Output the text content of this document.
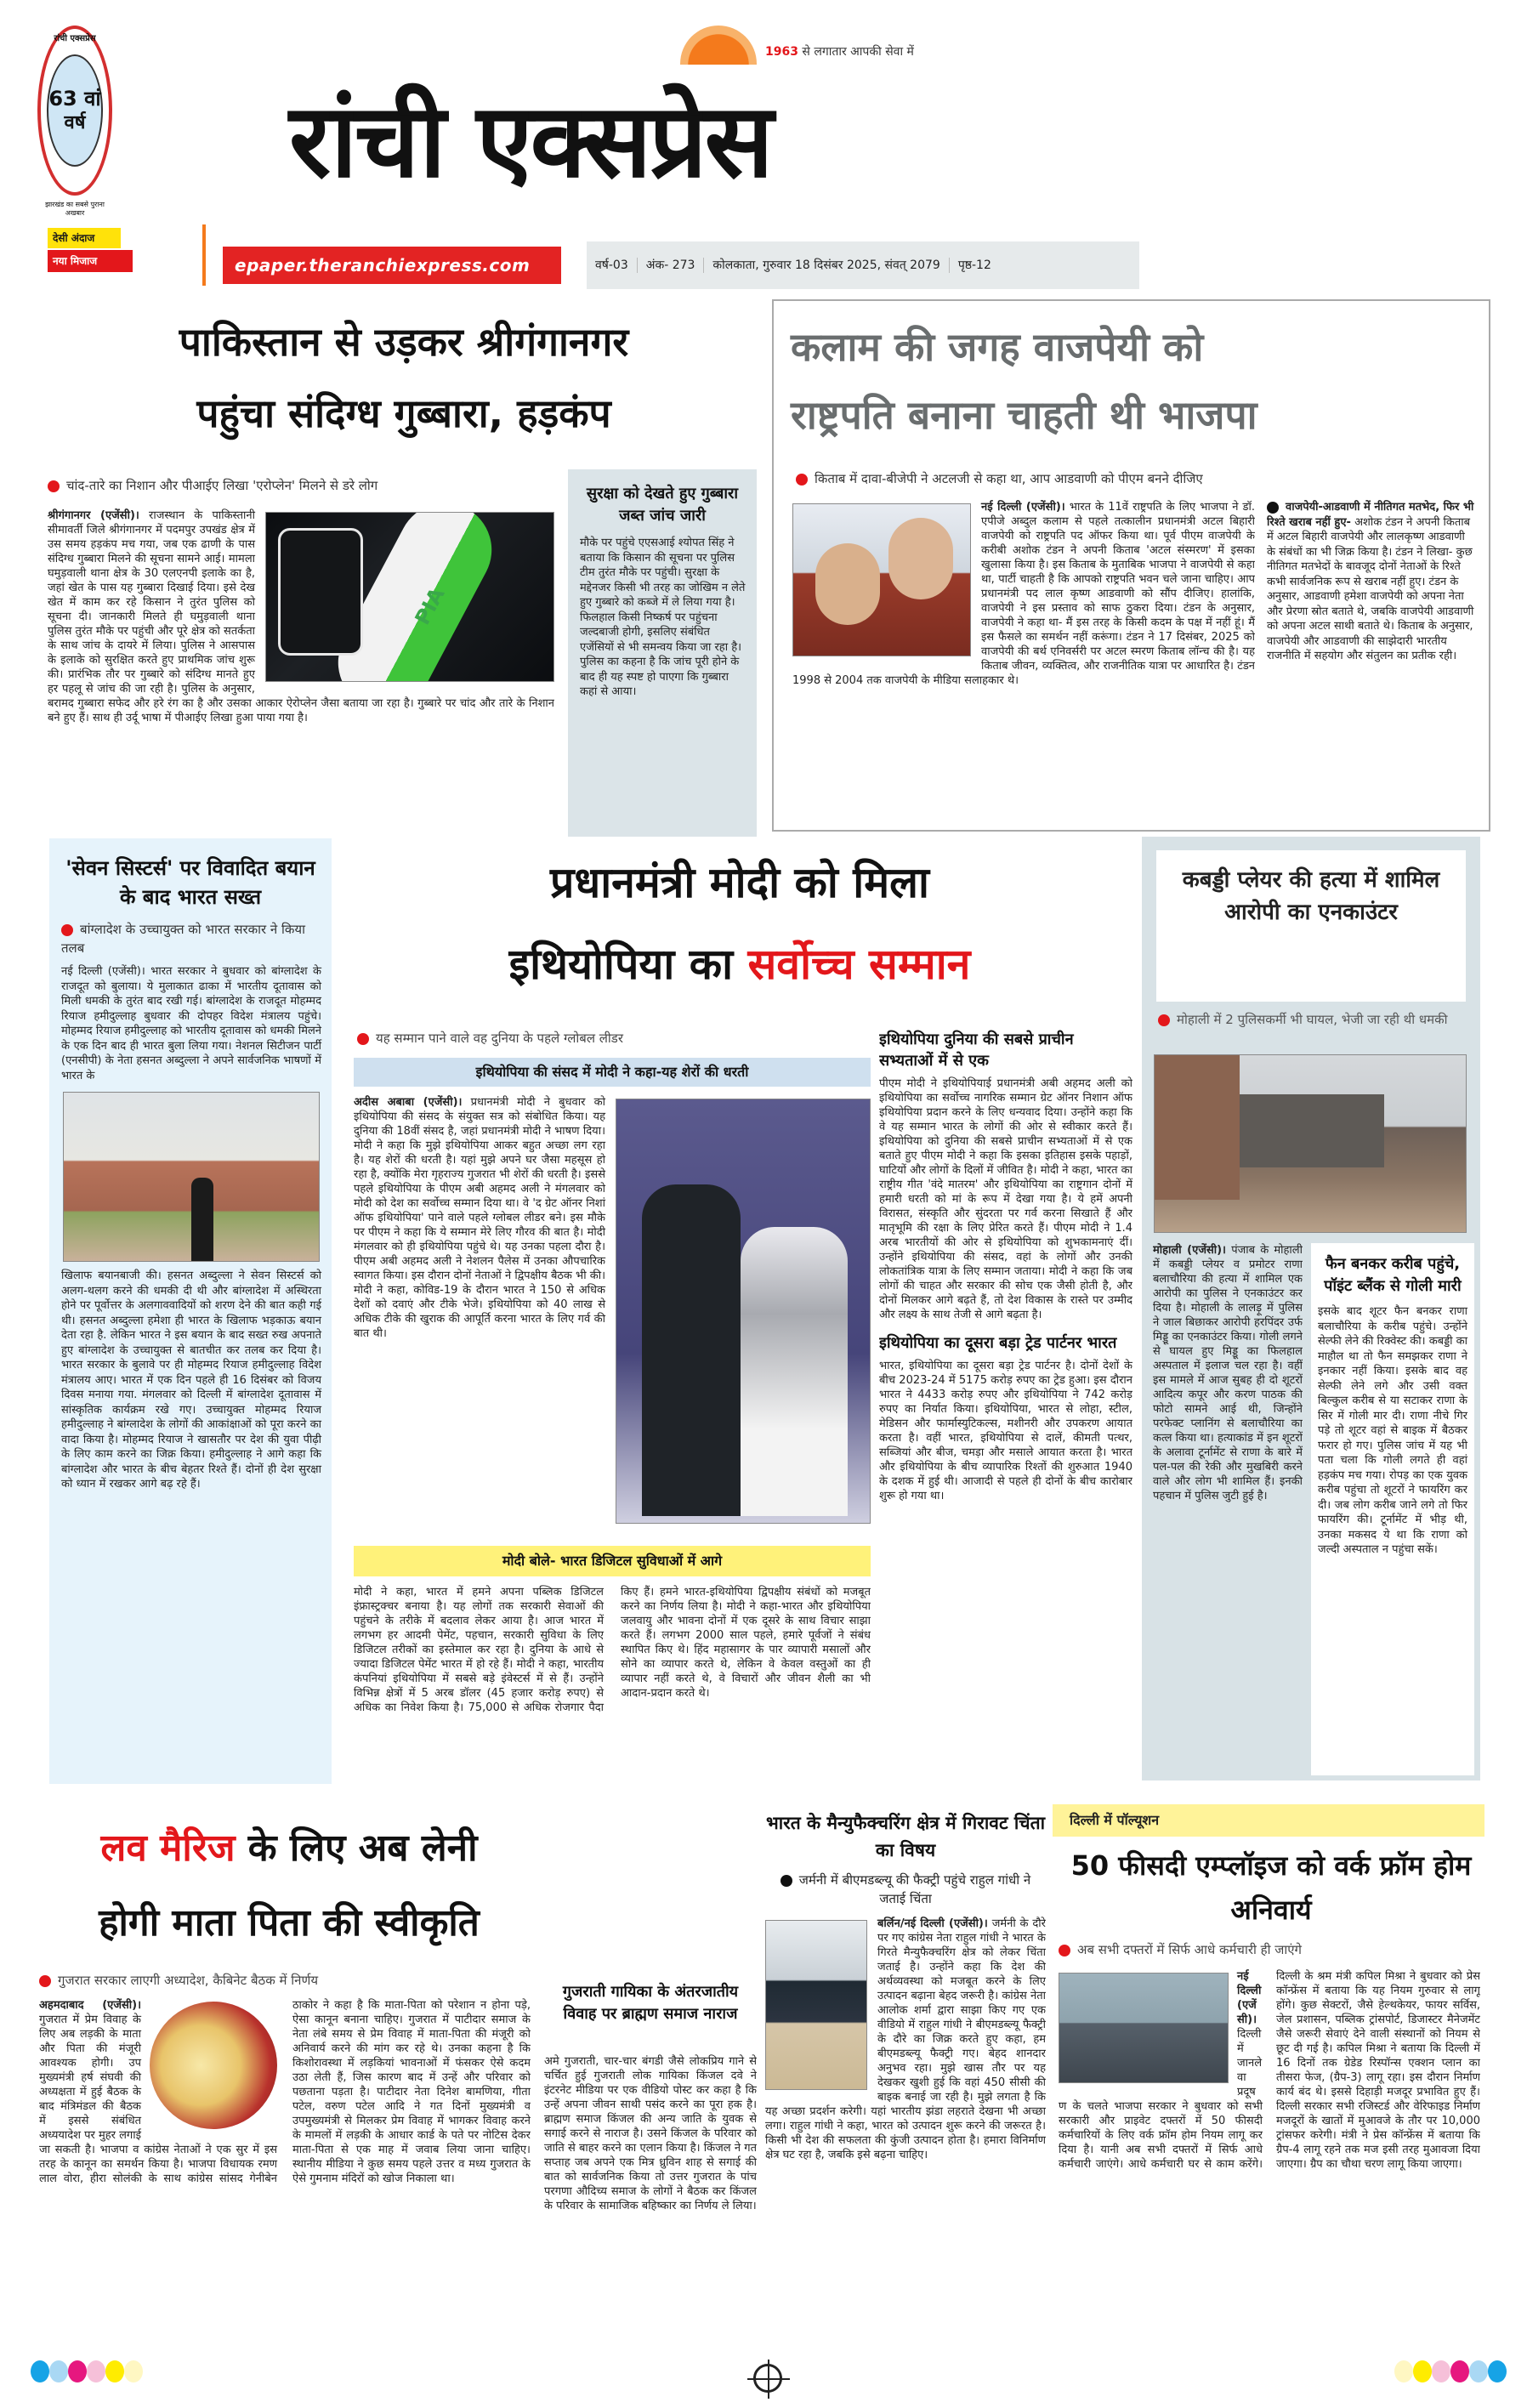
रांची एक्सप्रेस
63 वां
वर्ष
झारखंड का सबसे पुराना अखबार
1963 से लगातार आपकी सेवा में
रांची एक्सप्रेस
देसी अंदाज
नया मिजाज	epaper.theranchiexpress.com	वर्ष-03	अंक- 273	कोलकाता, गुरुवार 18 दिसंबर 2025, संवत् 2079	पृष्ठ-12
पाकिस्तान से उड़कर श्रीगंगानगर
पहुंचा संदिग्ध गुब्बारा, हड़कंप
चांद-तारे का निशान और पीआईए लिखा 'एरोप्लेन' मिलने से डरे लोग
PIA
श्रीगंगानगर (एजेंसी)। राजस्थान के पाकिस्तानी सीमावर्ती जिले श्रीगंगानगर में पदमपुर उपखंड क्षेत्र में उस समय हड़कंप मच गया, जब एक ढाणी के पास संदिग्ध गुब्बारा मिलने की सूचना सामने आई। मामला घमुड़वाली थाना क्षेत्र के 30 एलएनपी इलाके का है, जहां खेत के पास यह गुब्बारा दिखाई दिया। इसे देख खेत में काम कर रहे किसान ने तुरंत पुलिस को सूचना दी। जानकारी मिलते ही घमुड़वाली थाना पुलिस तुरंत मौके पर पहुंची और पूरे क्षेत्र को सतर्कता के साथ जांच के दायरे में लिया। पुलिस ने आसपास के इलाके को सुरक्षित करते हुए प्राथमिक जांच शुरू की। प्रारंभिक तौर पर गुब्बारे को संदिग्ध मानते हुए हर पहलू से जांच की जा रही है। पुलिस के अनुसार, बरामद गुब्बारा सफेद और हरे रंग का है और उसका आकार ऐरोप्लेन जैसा बताया जा रहा है। गुब्बारे पर चांद और तारे के निशान बने हुए हैं। साथ ही उर्दू भाषा में पीआईए लिखा हुआ पाया गया है।
सुरक्षा को देखते हुए गुब्बारा जब्त जांच जारी
मौके पर पहुंचे एएसआई श्योपत सिंह ने बताया कि किसान की सूचना पर पुलिस टीम तुरंत मौके पर पहुंची। सुरक्षा के मद्देनजर किसी भी तरह का जोखिम न लेते हुए गुब्बारे को कब्जे में ले लिया गया है। फिलहाल किसी निष्कर्ष पर पहुंचना जल्दबाजी होगी, इसलिए संबंधित एजेंसियों से भी समन्वय किया जा रहा है। पुलिस का कहना है कि जांच पूरी होने के बाद ही यह स्पष्ट हो पाएगा कि गुब्बारा कहां से आया।
कलाम की जगह वाजपेयी को
राष्ट्रपति बनाना चाहती थी भाजपा
किताब में दावा-बीजेपी ने अटलजी से कहा था, आप आडवाणी को पीएम बनने दीजिए
नई दिल्ली (एजेंसी)। भारत के 11वें राष्ट्रपति के लिए भाजपा ने डॉ. एपीजे अब्दुल कलाम से पहले तत्कालीन प्रधानमंत्री अटल बिहारी वाजपेयी को राष्ट्रपति पद ऑफर किया था। पूर्व पीएम वाजपेयी के करीबी अशोक टंडन ने अपनी किताब 'अटल संस्मरण' में इसका खुलासा किया है। इस किताब के मुताबिक भाजपा ने वाजपेयी से कहा था, पार्टी चाहती है कि आपको राष्ट्रपति भवन चले जाना चाहिए। आप प्रधानमंत्री पद लाल कृष्ण आडवाणी को सौंप दीजिए। हालांकि, वाजपेयी ने इस प्रस्ताव को साफ ठुकरा दिया। टंडन के अनुसार, वाजपेयी ने कहा था- मैं इस तरह के किसी कदम के पक्ष में नहीं हूं। मैं इस फैसले का समर्थन नहीं करूंगा। टंडन ने 17 दिसंबर, 2025 को वाजपेयी की बर्थ एनिवर्सरी पर अटल स्मरण किताब लॉन्च की है। यह किताब जीवन, व्यक्तित्व, और राजनीतिक यात्रा पर आधारित है। टंडन 1998 से 2004 तक वाजपेयी के मीडिया सलाहकार थे।
वाजपेयी-आडवाणी में नीतिगत मतभेद, फिर भी रिश्ते खराब नहीं हुए- अशोक टंडन ने अपनी किताब में अटल बिहारी वाजपेयी और लालकृष्ण आडवाणी के संबंधों का भी जिक्र किया है। टंडन ने लिखा- कुछ नीतिगत मतभेदों के बावजूद दोनों नेताओं के रिश्ते कभी सार्वजनिक रूप से खराब नहीं हुए। टंडन के अनुसार, आडवाणी हमेशा वाजपेयी को अपना नेता और प्रेरणा स्रोत बताते थे, जबकि वाजपेयी आडवाणी को अपना अटल साथी बताते थे। किताब के अनुसार, वाजपेयी और आडवाणी की साझेदारी भारतीय राजनीति में सहयोग और संतुलन का प्रतीक रही।
'सेवन सिस्टर्स' पर विवादित बयान के बाद भारत सख्त
बांग्लादेश के उच्चायुक्त को भारत सरकार ने किया तलब
नई दिल्ली (एजेंसी)। भारत सरकार ने बुधवार को बांग्लादेश के राजदूत को बुलाया। ये मुलाकात ढाका में भारतीय दूतावास को मिली धमकी के तुरंत बाद रखी गई। बांग्लादेश के राजदूत मोहम्मद रियाज हमीदुल्लाह बुधवार की दोपहर विदेश मंत्रालय पहुंचे। मोहम्मद रियाज हमीदुल्लाह को भारतीय दूतावास को धमकी मिलने के एक दिन बाद ही भारत बुला लिया गया। नेशनल सिटीजन पार्टी (एनसीपी) के नेता हसनत अब्दुल्ला ने अपने सार्वजनिक भाषणों में भारत के
खिलाफ बयानबाजी की। हसनत अब्दुल्ला ने सेवन सिस्टर्स को अलग-थलग करने की धमकी दी थी और बांग्लादेश में अस्थिरता होने पर पूर्वोत्तर के अलगाववादियों को शरण देने की बात कही गई थी। हसनत अब्दुल्ला हमेशा ही भारत के खिलाफ भड़काऊ बयान देता रहा है. लेकिन भारत ने इस बयान के बाद सख्त रुख अपनाते हुए बांग्लादेश के उच्चायुक्त से बातचीत कर तलब कर दिया है। भारत सरकार के बुलावे पर ही मोहम्मद रियाज हमीदुल्लाह विदेश मंत्रालय आए। भारत में एक दिन पहले ही 16 दिसंबर को विजय दिवस मनाया गया. मंगलवार को दिल्ली में बांग्लादेश दूतावास में सांस्कृतिक कार्यक्रम रखे गए। उच्चायुक्त मोहम्मद रियाज हमीदुल्लाह ने बांग्लादेश के लोगों की आकांक्षाओं को पूरा करने का वादा किया है। मोहम्मद रियाज ने खासतौर पर देश की युवा पीढ़ी के लिए काम करने का जिक्र किया। हमीदुल्लाह ने आगे कहा कि बांग्लादेश और भारत के बीच बेहतर रिश्ते हैं। दोनों ही देश सुरक्षा को ध्यान में रखकर आगे बढ़ रहे हैं।
प्रधानमंत्री मोदी को मिला
इथियोपिया का सर्वोच्च सम्मान
यह सम्मान पाने वाले वह दुनिया के पहले ग्लोबल लीडर
इथियोपिया की संसद में मोदी ने कहा-यह शेरों की धरती
अदीस अबाबा (एजेंसी)। प्रधानमंत्री मोदी ने बुधवार को इथियोपिया की संसद के संयुक्त सत्र को संबोधित किया। यह दुनिया की 18वीं संसद है, जहां प्रधानमंत्री मोदी ने भाषण दिया। मोदी ने कहा कि मुझे इथियोपिया आकर बहुत अच्छा लग रहा है। यह शेरों की धरती है। यहां मुझे अपने घर जैसा महसूस हो रहा है, क्योंकि मेरा गृहराज्य गुजरात भी शेरों की धरती है। इससे पहले इथियोपिया के पीएम अबी अहमद अली ने मंगलवार को मोदी को देश का सर्वोच्च सम्मान दिया था। वे 'द ग्रेट ऑनर निशां ऑफ इथियोपिया' पाने वाले पहले ग्लोबल लीडर बने। इस मौके पर पीएम ने कहा कि ये सम्मान मेरे लिए गौरव की बात है। मोदी मंगलवार को ही इथियोपिया पहुंचे थे। यह उनका पहला दौरा है। पीएम अबी अहमद अली ने नेशलन पैलेस में उनका औपचारिक स्वागत किया। इस दौरान दोनों नेताओं ने द्विपक्षीय बैठक भी की। मोदी ने कहा, कोविड-19 के दौरान भारत ने 150 से अधिक देशों को दवाएं और टीके भेजे। इथियोपिया को 40 लाख से अधिक टीके की खुराक की आपूर्ति करना भारत के लिए गर्व की बात थी।
मोदी बोले- भारत डिजिटल सुविधाओं में आगे
मोदी ने कहा, भारत में हमने अपना पब्लिक डिजिटल इंफ्रास्ट्रक्चर बनाया है। यह लोगों तक सरकारी सेवाओं की पहुंचने के तरीके में बदलाव लेकर आया है। आज भारत में लगभग हर आदमी पेमेंट, पहचान, सरकारी सुविधा के लिए डिजिटल तरीकों का इस्तेमाल कर रहा है। दुनिया के आधे से ज्यादा डिजिटल पेमेंट भारत में हो रहे हैं। मोदी ने कहा, भारतीय कंपनियां इथियोपिया में सबसे बड़े इंवेस्टर्स में से हैं। उन्होंने विभिन्न क्षेत्रों में 5 अरब डॉलर (45 हजार करोड़ रुपए) से अधिक का निवेश किया है। 75,000 से अधिक रोजगार पैदा किए हैं। हमने भारत-इथियोपिया द्विपक्षीय संबंधों को मजबूत करने का निर्णय लिया है। मोदी ने कहा-भारत और इथियोपिया जलवायु और भावना दोनों में एक दूसरे के साथ विचार साझा करते हैं। लगभग 2000 साल पहले, हमारे पूर्वजों ने संबंध स्थापित किए थे। हिंद महासागर के पार व्यापारी मसालों और सोने का व्यापार करते थे, लेकिन वे केवल वस्तुओं का ही व्यापार नहीं करते थे, वे विचारों और जीवन शैली का भी आदान-प्रदान करते थे।
इथियोपिया दुनिया की सबसे प्राचीन सभ्यताओं में से एक
पीएम मोदी ने इथियोपियाई प्रधानमंत्री अबी अहमद अली को इथियोपिया का सर्वोच्च नागरिक सम्मान ग्रेट ऑनर निशान ऑफ इथियोपिया प्रदान करने के लिए धन्यवाद दिया। उन्होंने कहा कि वे यह सम्मान भारत के लोगों की ओर से स्वीकार करते हैं। इथियोपिया को दुनिया की सबसे प्राचीन सभ्यताओं में से एक बताते हुए पीएम मोदी ने कहा कि इसका इतिहास इसके पहाड़ों, घाटियों और लोगों के दिलों में जीवित है। मोदी ने कहा, भारत का राष्ट्रीय गीत 'वंदे मातरम' और इथियोपिया का राष्ट्रगान दोनों में हमारी धरती को मां के रूप में देखा गया है। ये हमें अपनी विरासत, संस्कृति और सुंदरता पर गर्व करना सिखाते हैं और मातृभूमि की रक्षा के लिए प्रेरित करते हैं। पीएम मोदी ने 1.4 अरब भारतीयों की ओर से इथियोपिया को शुभकामनाएं दीं। उन्होंने इथियोपिया की संसद, वहां के लोगों और उनकी लोकतांत्रिक यात्रा के लिए सम्मान जताया। मोदी ने कहा कि जब लोगों की चाहत और सरकार की सोच एक जैसी होती है, और दोनों मिलकर आगे बढ़ते हैं, तो देश विकास के रास्ते पर उम्मीद और लक्ष्य के साथ तेजी से आगे बढ़ता है।
इथियोपिया का दूसरा बड़ा ट्रेड पार्टनर भारत
भारत, इथियोपिया का दूसरा बड़ा ट्रेड पार्टनर है। दोनों देशों के बीच 2023-24 में 5175 करोड़ रुपए का ट्रेड हुआ। इस दौरान भारत ने 4433 करोड़ रुपए और इथियोपिया ने 742 करोड़ रुपए का निर्यात किया। इथियोपिया, भारत से लोहा, स्टील, मेडिसन और फार्मास्युटिकल्स, मशीनरी और उपकरण आयात करता है। वहीं भारत, इथियोपिया से दालें, कीमती पत्थर, सब्जियां और बीज, चमड़ा और मसाले आयात करता है। भारत और इथियोपिया के बीच व्यापारिक रिश्तों की शुरुआत 1940 के दशक में हुई थी। आजादी से पहले ही दोनों के बीच कारोबार शुरू हो गया था।
कबड्डी प्लेयर की हत्या में शामिल आरोपी का एनकाउंटर
मोहाली में 2 पुलिसकर्मी भी घायल, भेजी जा रही थी धमकी
मोहाली (एजेंसी)। पंजाब के मोहाली में कबड्डी प्लेयर व प्रमोटर राणा बलाचौरिया की हत्या में शामिल एक आरोपी का पुलिस ने एनकाउंटर कर दिया है। मोहाली के लालड़ू में पुलिस ने जाल बिछाकर आरोपी हरपिंदर उर्फ मिड्डू का एनकाउंटर किया। गोली लगने से घायल हुए मिड्डू का फिलहाल अस्पताल में इलाज चल रहा है। वहीं इस मामले में आज सुबह ही दो शूटरों आदित्य कपूर और करण पाठक की फोटो सामने आई थी, जिन्होंने परफेक्ट प्लानिंग से बलाचौरिया का कत्ल किया था। हत्याकांड में इन शूटरों के अलावा टूर्नामेंट से राणा के बारे में पल-पल की रेकी और मुखबिरी करने वाले और लोग भी शामिल हैं। इनकी पहचान में पुलिस जुटी हुई है।
फैन बनकर करीब पहुंचे, पॉइंट ब्लैंक से गोली मारी
इसके बाद शूटर फैन बनकर राणा बलाचौरिया के करीब पहुंचे। उन्होंने सेल्फी लेने की रिक्वेस्ट की। कबड्डी का माहौल था तो फैन समझकर राणा ने इनकार नहीं किया। इसके बाद वह सेल्फी लेने लगे और उसी वक्त बिल्कुल करीब से या सटाकर राणा के सिर में गोली मार दी। राणा नीचे गिर पड़े तो शूटर वहां से बाइक में बैठकर फरार हो गए। पुलिस जांच में यह भी पता चला कि गोली लगते ही वहां हड़कंप मच गया। रोपड़ का एक युवक करीब पहुंचा तो शूटरों ने फायरिंग कर दी। जब लोग करीब जाने लगे तो फिर फायरिंग की। टूर्नामेंट में भीड़ थी, उनका मकसद ये था कि राणा को जल्दी अस्पताल न पहुंचा सकें।
लव मैरिज के लिए अब लेनी
होगी माता पिता की स्वीकृति
गुजरात सरकार लाएगी अध्यादेश, कैबिनेट बैठक में निर्णय
अहमदाबाद (एजेंसी)। गुजरात में प्रेम विवाह के लिए अब लड़की के माता और पिता की मंजूरी आवश्यक होगी। उप मुख्यमंत्री हर्ष संघवी की अध्यक्षता में हुई बैठक के बाद मंत्रिमंडल की बैठक में इससे संबंधित अध्ययादेश पर मुहर लगाई जा सकती है। भाजपा व कांग्रेस नेताओं ने एक सुर में इस तरह के कानून का समर्थन किया है। भाजपा विधायक रमण लाल वोरा, हीरा सोलंकी के साथ कांग्रेस सांसद गेनीबेन ठाकोर ने कहा है कि माता-पिता को परेशान न होना पड़े, ऐसा कानून बनाना चाहिए। गुजरात में पाटीदार समाज के नेता लंबे समय से प्रेम विवाह में माता-पिता की मंजूरी को अनिवार्य करने की मांग कर रहे थे। उनका कहना है कि किशोरावस्था में लड़कियां भावनाओं में फंसकर ऐसे कदम उठा लेती हैं, जिस कारण बाद में उन्हें और परिवार को पछताना पड़ता है। पाटीदार नेता दिनेश बामणिया, गीता पटेल, वरुण पटेल आदि ने गत दिनों मुख्यमंत्री व उपमुख्यमंत्री से मिलकर प्रेम विवाह में भागकर विवाह करने के मामलों में लड़की के आधार कार्ड के पते पर नोटिस देकर माता-पिता से एक माह में जवाब लिया जाना चाहिए। स्थानीय मीडिया ने कुछ समय पहले उत्तर व मध्य गुजरात के ऐसे गुमनाम मंदिरों को खोज निकाला था।
गुजराती गायिका के अंतरजातीय विवाह पर ब्राह्मण समाज नाराज
अमे गुजराती, चार-चार बंगडी जैसे लोकप्रिय गाने से चर्चित हुई गुजराती लोक गायिका किंजल दवे ने इंटरनेट मीडिया पर एक वीडियो पोस्ट कर कहा है कि उन्हें अपना जीवन साथी पसंद करने का पूरा हक है। ब्राह्मण समाज किंजल की अन्य जाति के युवक से सगाई करने से नाराज है। उसने किंजल के परिवार को जाति से बाहर करने का एलान किया है। किंजल ने गत सप्ताह जब अपने एक मित्र ध्रुविन शाह से सगाई की बात को सार्वजनिक किया तो उत्तर गुजरात के पांच परगणा औदिच्य समाज के लोगों ने बैठक कर किंजल के परिवार के सामाजिक बहिष्कार का निर्णय ले लिया।
भारत के मैन्युफैक्चरिंग क्षेत्र में गिरावट चिंता का विषय
जर्मनी में बीएमडब्ल्यू की फैक्ट्री पहुंचे राहुल गांधी ने जताई चिंता
बर्लिन/नई दिल्ली (एजेंसी)। जर्मनी के दौरे पर गए कांग्रेस नेता राहुल गांधी ने भारत के गिरते मैन्युफैक्चरिंग क्षेत्र को लेकर चिंता जताई है। उन्होंने कहा कि देश की अर्थव्यवस्था को मजबूत करने के लिए उत्पादन बढ़ाना बेहद जरूरी है। कांग्रेस नेता आलोक शर्मा द्वारा साझा किए गए एक वीडियो में राहुल गांधी ने बीएमडब्ल्यू फैक्ट्री के दौरे का जिक्र करते हुए कहा, हम बीएमडब्ल्यू फैक्ट्री गए। बेहद शानदार अनुभव रहा। मुझे खास तौर पर यह देखकर खुशी हुई कि वहां 450 सीसी की बाइक बनाई जा रही है। मुझे लगता है कि यह अच्छा प्रदर्शन करेगी। यहां भारतीय झंडा लहराते देखना भी अच्छा लगा। राहुल गांधी ने कहा, भारत को उत्पादन शुरू करने की जरूरत है। किसी भी देश की सफलता की कुंजी उत्पादन होता है। हमारा विनिर्माण क्षेत्र घट रहा है, जबकि इसे बढ़ना चाहिए।
दिल्ली में पॉल्यूशन
50 फीसदी एम्प्लॉइज को वर्क फ्रॉम होम अनिवार्य
अब सभी दफ्तरों में सिर्फ आधे कर्मचारी ही जाएंगे
नई दिल्ली (एजेंसी)। दिल्ली में जानलेवा प्रदूषण के चलते भाजपा सरकार ने बुधवार को सभी सरकारी और प्राइवेट दफ्तरों में 50 फीसदी कर्मचारियों के लिए वर्क फ्रॉम होम नियम लागू कर दिया है। यानी अब सभी दफ्तरों में सिर्फ आधे कर्मचारी जाएंगे। आधे कर्मचारी घर से काम करेंगे। दिल्ली के श्रम मंत्री कपिल मिश्रा ने बुधवार को प्रेस कॉन्फ्रेंस में बताया कि यह नियम गुरुवार से लागू होंगे। कुछ सेक्टरों, जैसे हेल्थकेयर, फायर सर्विस, जेल प्रशासन, पब्लिक ट्रांसपोर्ट, डिजास्टर मैनेजमेंट जैसे जरूरी सेवाएं देने वाली संस्थानों को नियम से छूट दी गई है। कपिल मिश्रा ने बताया कि दिल्ली में 16 दिनों तक ग्रेडेड रिस्पॉन्स एक्शन प्लान का तीसरा फेज, (ग्रैप-3) लागू रहा। इस दौरान निर्माण कार्य बंद थे। इससे दिहाड़ी मजदूर प्रभावित हुए हैं। दिल्ली सरकार सभी रजिस्टर्ड और वेरिफाइड निर्माण मजदूरों के खातों में मुआवजे के तौर पर 10,000 ट्रांसफर करेगी। मंत्री ने प्रेस कॉन्फ्रेंस में बताया कि ग्रैप-4 लागू रहने तक मज इसी तरह मुआवजा दिया जाएगा। ग्रैप का चौथा चरण लागू किया जाएगा।
